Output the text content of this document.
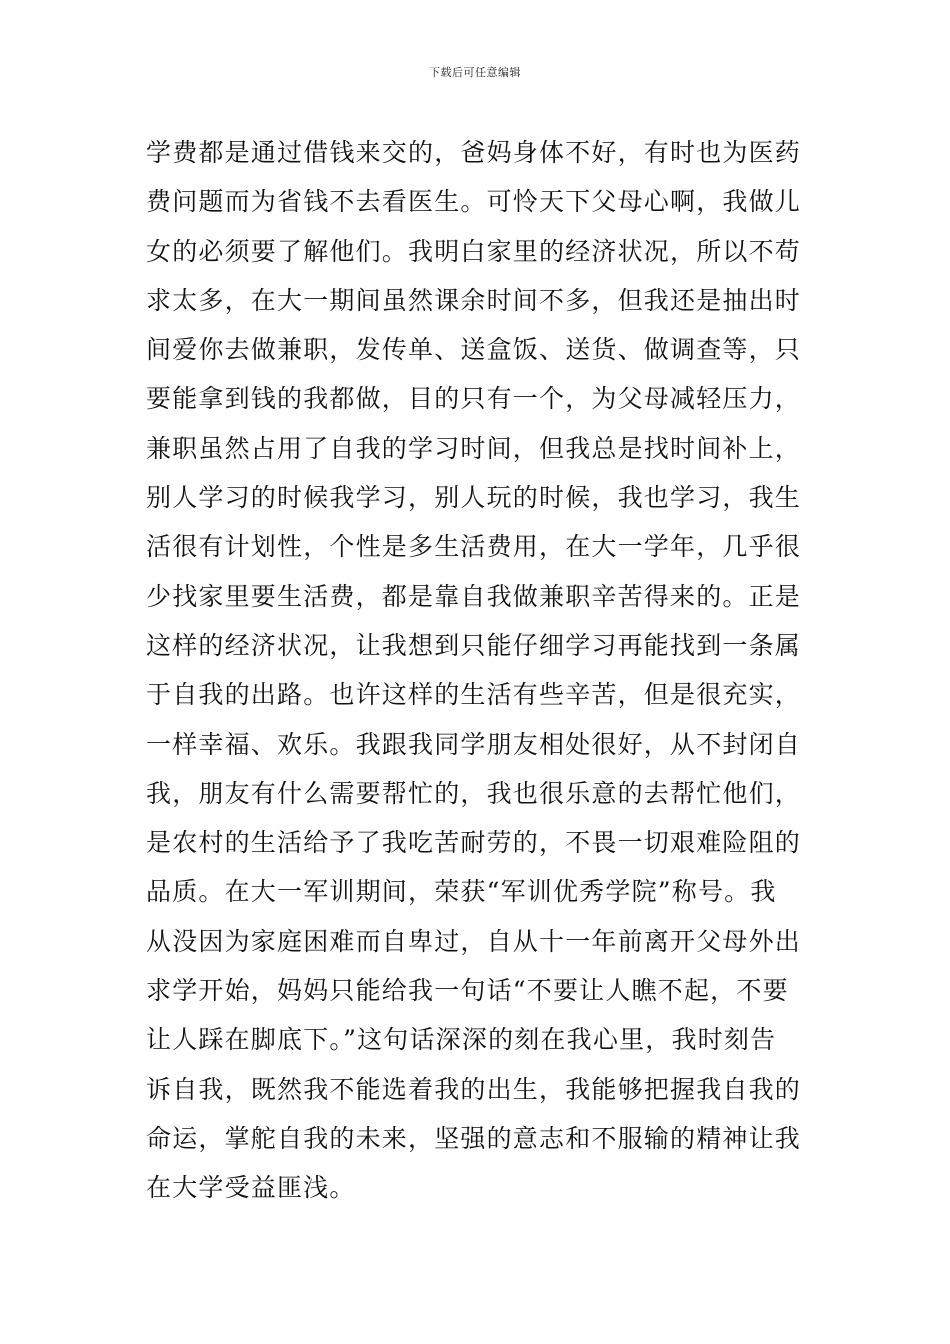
下载后可任意编辑
学费都是通过借钱来交的，爸妈身体不好，有时也为医药
费问题而为省钱不去看医生。可怜天下父母心啊，我做儿
女的必须要了解他们。我明白家里的经济状况，所以不苟
求太多，在大一期间虽然课余时间不多，但我还是抽出时
间爱你去做兼职，发传单、送盒饭、送货、做调查等，只
要能拿到钱的我都做，目的只有一个，为父母减轻压力，
兼职虽然占用了自我的学习时间，但我总是找时间补上，
别人学习的时候我学习，别人玩的时候，我也学习，我生
活很有计划性，个性是多生活费用，在大一学年，几乎很
少找家里要生活费，都是靠自我做兼职辛苦得来的。正是
这样的经济状况，让我想到只能仔细学习再能找到一条属
于自我的出路。也许这样的生活有些辛苦，但是很充实，
一样幸福、欢乐。我跟我同学朋友相处很好，从不封闭自
我，朋友有什么需要帮忙的，我也很乐意的去帮忙他们，
是农村的生活给予了我吃苦耐劳的，不畏一切艰难险阻的
品质。在大一军训期间，荣获“军训优秀学院”称号。我
从没因为家庭困难而自卑过，自从十一年前离开父母外出
求学开始，妈妈只能给我一句话“不要让人瞧不起，不要
让人踩在脚底下。”这句话深深的刻在我心里，我时刻告
诉自我，既然我不能选着我的出生，我能够把握我自我的
命运，掌舵自我的未来，坚强的意志和不服输的精神让我
在大学受益匪浅。
